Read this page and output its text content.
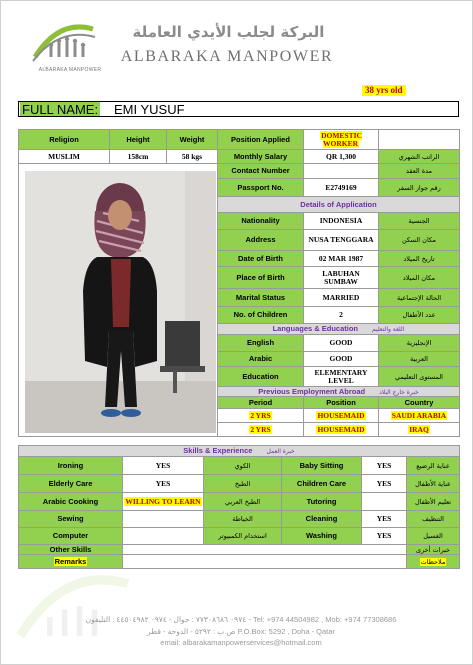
ALBARAKA MANPOWER
البركة لجلب الأيدي العاملة
ALBARAKA MANPOWER
38 yrs old
FULL NAME: EMI YUSUF
Religion	Height	Weight	Position Applied	DOMESTIC WORKER	
MUSLIM	158cm	58 kgs	Monthly Salary	QR 1,300	الراتب الشهري
			Contact Number		مدة العقد
			Passport No.	E2749169	رقم جواز السفر
			Details of Application		
			Nationality	INDONESIA	الجنسية
			Address	NUSA TENGGARA	مكان السكن
			Date of Birth	02 MAR 1987	تاريخ الميلاد
			Place of Birth	LABUHAN SUMBAW	مكان الميلاد
			Marital Status	MARRIED	الحالة الإجتماعية
			No. of Children	2	عدد الأطفال
			Languages & Education اللغة والتعليم		
			English	GOOD	الإنجليزية
			Arabic	GOOD	العربية
			Education	ELEMENTARY LEVEL	المستوى التعليمي
			Previous Employment Abroad خبرة خارج البلاد		
			Period	Position	Country
			2 YRS	HOUSEMAID	SAUDI ARABIA
			2 YRS	HOUSEMAID	IRAQ
Skills & Experience خبرة العمل					
Ironing	YES	الكوي	Baby Sitting	YES	عناية الرضيع
Elderly Care	YES	الطبخ	Children Care	YES	عناية الأطفال
Arabic Cooking	WILLING TO LEARN	الطبخ العربي	Tutoring		تعليم الأطفال
Sewing		الخياطة	Cleaning	YES	التنظيف
Computer		استخدام الكمبيوتر	Washing	YES	الغسيل
Other Skills					خبرات أخرى
Remarks					ملاحظات
٠٩٧٤ ٧٧٣٠٨٦٨٦ : جوال - ٠٩٧٤ ٤٤٥٠٤٩٨٢ : التليفون - Tel: +974 44504982 , Mob: +974 77308686
ص.ب : ٥٢٩٢ - الدوحة - قطر P.O.Box: 5292 , Doha - Qatar
email: albarakamanpowerservices@hotmail.com
